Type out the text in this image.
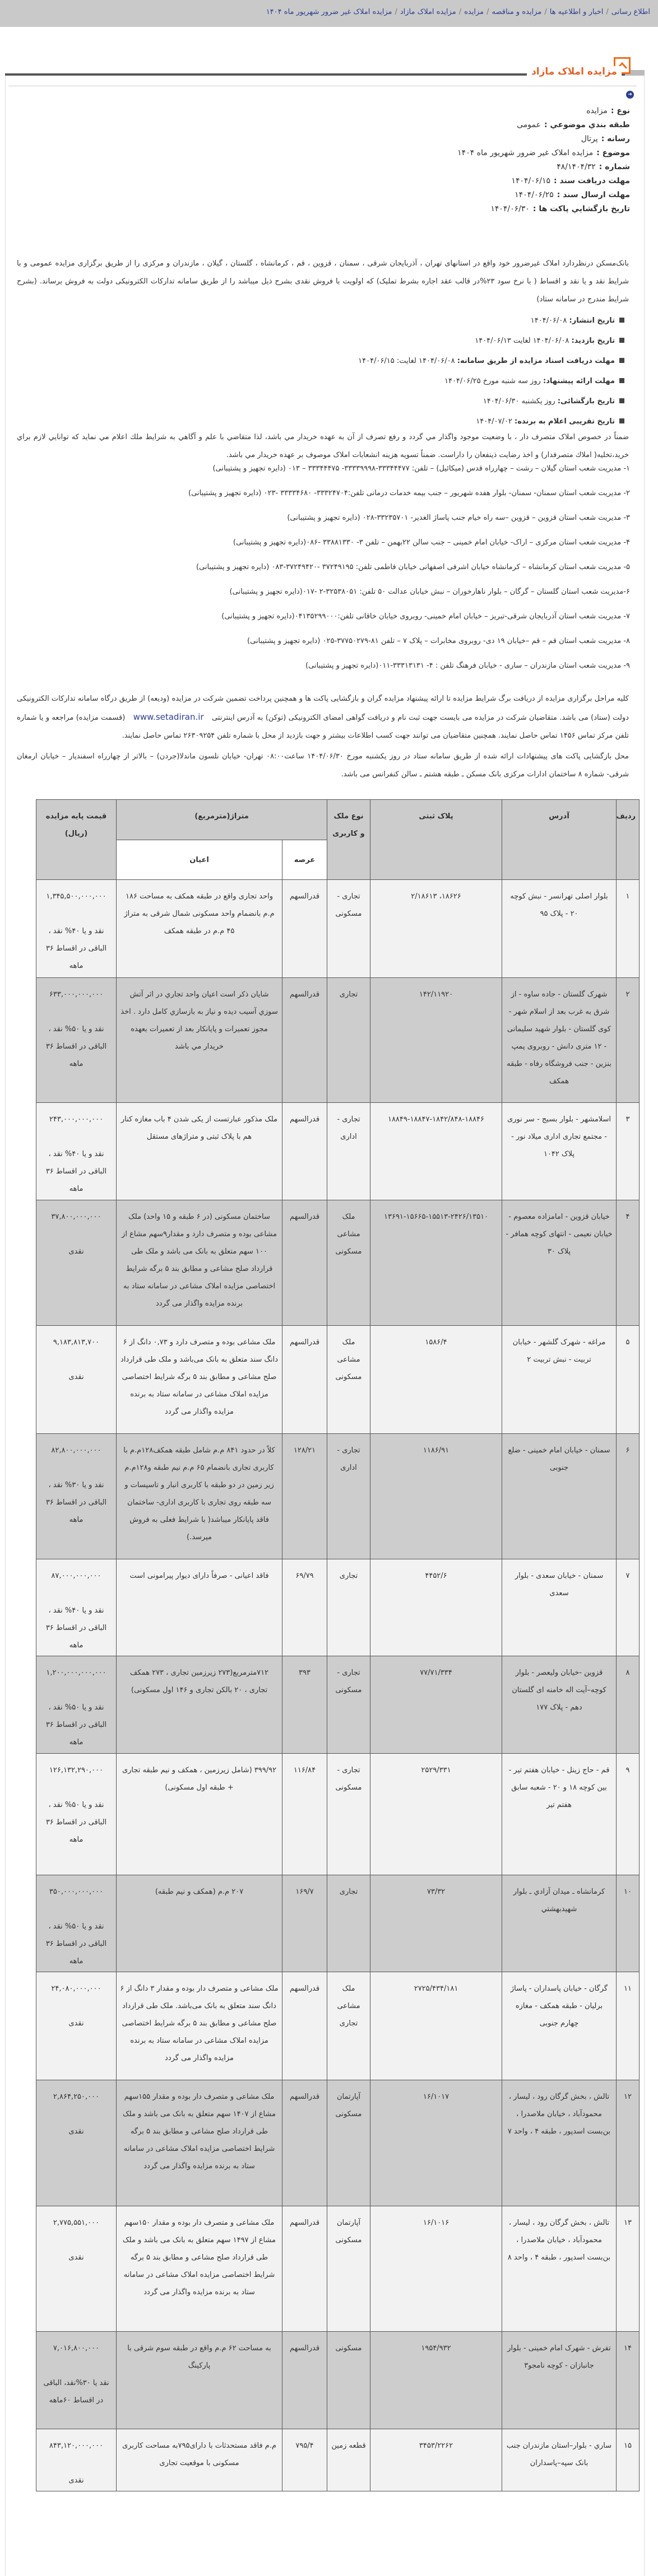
اطلاع رسانی/اخبار و اطلاعیه ها/مزایده و مناقصه/مزایده/مزایده املاک مازاد/مزایده املاک غیر ضرور شهریور ماه ۱۴۰۴
مزایده املاک مازاد
➜
نوع :مزایده
طبقه بندي موضوعي :عمومی
رسانه :پرتال
موضوع :مزایده املاک غیر ضرور شهریور ماه ۱۴۰۴
شماره :۴۸/۱۴۰۴/۳۲
مهلت دریافت سند :۱۴۰۴/۰۶/۱۵
مهلت ارسال سند :۱۴۰۴/۰۶/۲۵
تاریخ بازگشايي پاکت ها :۱۴۰۴/۰۶/۳۰
بانک‌مسکن درنظردارد املاک غیرضرور خود واقع در استانهای تهران ، آذربایجان شرقی ، سمنان ، قزوین ، قم ، کرمانشاه ، گلستان ، گیلان ، مازندران و مرکزی را از طریق برگزاری مزایده عمومی و با شرایط نقد و یا نقد و اقساط ( با نرخ سود ۲۳%در قالب عقد اجاره بشرط تملیک) که اولویت با فروش نقدی بشرح ذیل میباشد را از طریق سامانه تدارکات الکترونیکی دولت به فروش برساند. (بشرح شرایط مندرج در سامانه ستاد)
تاریخ انتشار: ۱۴۰۴/۰۶/۰۸
تاریخ بازدید: ۱۴۰۴/۰۶/۰۸ لغایت ۱۴۰۴/۰۶/۱۳
مهلت دریافت اسناد مزایده از طریق سامانه: ۱۴۰۴/۰۶/۰۸ لغایت: ۱۴۰۴/۰۶/۱۵
مهلت ارائه پیشنهاد: روز سه شنبه مورخ ۱۴۰۴/۰۶/۲۵
تاریخ بازگشائی: روز یکشنبه ۱۴۰۴/۰۶/۳۰
تاریخ تقریبی اعلام به برنده: ۱۴۰۴/۰۷/۰۲
ضمناً در خصوص املاک متصرف دار ، با وضعیت موجود واگذار مي گردد و رفع تصرف از آن به عهده خریدار مي باشد، لذا متقاضي با علم و آگاهي به شرايط ملك اعلام مي نمايد كه توانايي لازم براي خريد،تخليه( املاك متصرفدار) و اخذ رضايت ذينفعان را داراست. ضمناً تسويه هزينه انشعابات املاک موصوف بر عهده خريدار مي باشد.
۱- مدیریت شعب استان گیلان – رشت – چهارراه قدس (میکائیل) – تلفن: ۳۳۳۴۴۴۷۷-۳۳۳۳۹۹۹۸- ۳۳۳۴۴۴۷۵ – ۰۱۳ (دایره تجهیز و پشتیبانی)
۲- مدیریت شعب استان سمنان- سمنان- بلوار هفده شهریور – جنب بیمه خدمات درمانی تلفن:۳۳۳۲۴۷۰۴- ۳۳۳۳۴۶۸۰ -۰۲۳ (دایره تجهیز و پشتیبانی)
۳- مدیریت شعب استان قزوین – قزوین –سه راه خیام جنب پاساژ الغدیر- ۳۳۲۳۵۷۰۱-۰۲۸ (دایره تجهیز و پشتیبانی)
۴- مدیریت شعب استان مرکزی – اراک- خیابان امام خمینی – جنب سالن ۲۲بهمن – تلفن ۳- ۳۳۸۸۱۳۳۰ -۰۸۶(دایره تجهیز و پشتیبانی)
۵- مدیریت شعب استان کرمانشاه – کرمانشاه خیابان اشرفی اصفهانی خیابان فاطمی تلفن: ۳۷۲۴۹۱۹۵ -۳۷۲۴۹۴۲۰-۰۸۳ (دایره تجهیز و پشتیبانی)
۶-مدیریت شعب استان گلستان – گرگان – بلوار ناهارخوران – نبش خیابان عدالت ۵۰ تلفن: ۳۲۵۳۸۰۵۱-۲ -۰۱۷(دایره تجهیز و پشتیبانی)
۷- مدیریت شعب استان آذربایجان شرقی-تبریز – خیابان امام خمینی- روبروی خیابان خاقانی تلفن:۰۴۱۳۵۲۹۹۰۰۰(دایره تجهیز و پشتیبانی)
۸- مدیریت شعب استان قم – قم –خیابان ۱۹ دی- روبروی مخابرات – پلاک ۷ – تلفن ۸۱-۳۷۷۵۰۲۷۹-۰۲۵ (دایره تجهیز و پشتیبانی)
۹- مدیریت شعب استان مازندران – ساری - خیابان فرهنگ تلفن : ۴- ۳۳۳۱۳۱۳۱-۰۱۱(دایره تجهیز و پشتیبانی)
کلیه مراحل برگزاری مزایده از دریافت برگ شرایط مزایده تا ارائه پیشنهاد مزایده گران و بازگشایی پاکت ها و همچنین پرداخت تضمین شرکت در مزایده (ودیعه) از طریق درگاه سامانه تدارکات الکترونیکی دولت (ستاد) می باشد. متقاضیان شرکت در مزایده می بایست جهت ثبت نام و دریافت گواهی امضای الکترونیکی (توکن) به آدرس اینترنتی www.setadiran.ir (قسمت مزایده) مراجعه و یا شماره تلفن مرکز تماس ۱۴۵۶ تماس حاصل نمایند. همچنین متقاضیان می توانند جهت کسب اطلاعات بیشتر و جهت بازدید از محل با شماره تلفن ۲۶۳۰۹۲۵۴ تماس حاصل نمایند.
محل بازگشایی پاکت های پیشنهادات ارائه شده از طریق سامانه ستاد در روز یکشنبه مورخ ۱۴۰۴/۰۶/۳۰ ساعت۰۸:۰۰ تهران- خیابان نلسون ماندلا(جردن) – بالاتر از چهارراه اسفندیار – خیابان ارمغان شرقی- شماره ۸ ساختمان ادارات مرکزی بانک مسکن ـ طبقه هشتم ـ سالن کنفرانس می باشد.
ردیف	آدرس	پلاک ثبتی	نوع ملک و کاربری	متراژ(مترمربع)		قیمت پایه مزایده (ریال)
				عرصه	اعیان	
۱	بلوار اصلی تهرانسر - نبش کوچه ۲۰ - پلاک ۹۵	۱۸۶۲۶، ۲/۱۸۶۱۳	تجاری - مسکونی	قدرالسهم	واحد تجاری واقع در طبقه همکف به مساحت ۱۸۶ م.م بانضمام واحد مسکونی شمال شرقی به متراژ ۴۵ م.م در طبقه همکف	۱,۳۴۵,۵۰۰,۰۰۰,۰۰۰
نقد و یا ۴۰% نقد ، الباقی در اقساط ۳۶ ماهه

۲	شهرک گلستان - جاده ساوه - از شرق به غرب بعد از اسلام شهر - کوی گلستان - بلوار شهید سلیمانی - ۱۲ متری دانش - روبروی پمپ بنزین - جنب فروشگاه رفاه - طبقه همکف	۱۴۲/۱۱۹۲۰	تجاری	قدرالسهم	شايان ذكر است اعيان واحد تجاري در اثر آتش سوزي آسيب ديده و نياز به بازسازي كامل دارد . اخذ مجوز تعميرات و پايانكار بعد از تعميرات بعهده خريدار مي باشد	۶۳۳,۰۰۰,۰۰۰,۰۰۰
نقد و یا ۵۰% نقد ، الباقی در اقساط ۳۶ ماهه

۳	اسلامشهر - بلوار بسیج - سر نوری - مجتمع تجاری اداری میلاد نور - پلاک ۱۰۴۲	۱۸۸۴۹-۱۸۸۴۷-۱۸۴۲/۸۴۸-۱۸۸۴۶	تجاری - اداری	قدرالسهم	ملک مذکور عبارتست از یکی شدن ۴ باب مغازه کنار هم با پلاک ثبتی و متراژهای مستقل	۲۴۳,۰۰۰,۰۰۰,۰۰۰
نقد و یا ۴۰% نقد ، الباقی در اقساط ۳۶ ماهه

۴	خیابان قزوین - امامزاده معصوم - خیابان نعیمی - انتهای کوچه همافر - پلاک ۳۰	۱۳۶۹۱-۱۵۶۶۵-۱۵۵۱۳-۲۴۲۶/۱۳۵۱۰	ملک مشاعی مسکونی	قدرالسهم	ساختمان مسکونی (در ۶ طبقه و ۱۵ واحد) ملک مشاعی بوده و متصرف دارد و مقدار۹سهم مشاع از ۱۰۰ سهم متعلق به بانک می باشد و ملک طی قرارداد صلح مشاعی و مطابق بند ۵ برگه شرایط اختصاصی مزایده املاک مشاعی در سامانه ستاد به برنده مزایده واگذار می گردد	۳۷,۸۰۰,۰۰۰,۰۰۰
نقدی

۵	مراغه - شهرک گلشهر - خیابان تربیت - نبش تربیت ۲	۱۵۸۶/۴	ملک مشاعی مسکونی	قدرالسهم	ملک مشاعی بوده و متصرف دارد و ۰,۷۳ دانگ از ۶ دانگ سند متعلق به بانک می‌باشد و ملک طی قرارداد صلح مشاعی و مطابق بند ۵ برگه شرایط اختصاصی مزایده املاک مشاعی در سامانه ستاد به برنده مزایده واگذار می گردد	۹,۱۸۳,۸۱۳,۷۰۰
نقدی

۶	سمنان - خیابان امام خمینی - ضلع جنوبی	۱۱۸۶/۹۱	تجاری - اداری	۱۲۸/۲۱	کلاً در حدود ۸۴۱ م.م شامل طبقه همکف۱۲۸م.م با کاربری تجاری بانضمام ۶۵ م.م نیم طبقه و۱۲۸م.م زیر زمین در دو طبقه با کاربری انبار و تاسیسات و سه طبقه روی تجاری با کاربری اداری- ساختمان فاقد پایانکار میباشد( با شرایط فعلی به فروش میرسد.)	۸۲,۸۰۰,۰۰۰,۰۰۰
نقد و یا ۳۰% نقد ، الباقی در اقساط ۳۶ ماهه

۷	سمنان - خیابان سعدی - بلوار سعدی	۴۴۵۲/۶	تجاری	۶۹/۷۹	فاقد اعیانی - صرفاً دارای دیوار پیرامونی است	۸۷,۰۰۰,۰۰۰,۰۰۰
نقد و یا ۴۰% نقد ، الباقی در اقساط ۳۶ ماهه

۸	قزوین -خیابان ولیعصر - بلوار کوچه–آیت اله خامنه ای گلستان دهم - پلاک ۱۷۷	۷۷/۷۱/۳۳۴	تجاری - مسکونی	۳۹۳	۷۱۲مترمربع(۲۷۳ زیرزمین تجاری ، ۲۷۳ همکف تجاری ، ۲۰ بالکن تجاری و ۱۴۶ اول مسکونی)	۱,۲۰۰,۰۰۰,۰۰۰,۰۰۰
نقد و یا ۵۰% نقد ، الباقی در اقساط ۳۶ ماهه

۹	قم - حاج زینل - خیابان هفتم تیر - بین کوچه ۱۸ و ۲۰ - شعبه سابق هفتم تیر	۲۵۲۹/۳۳۱	تجاری - مسکونی	۱۱۶/۸۴	۳۹۹/۹۲ (شامل زیرزمین ، همکف و نیم طبقه تجاری + طبقه اول مسکونی)	۱۲۶,۱۳۲,۲۹۰,۰۰۰
نقد و یا ۵۰% نقد ، الباقی در اقساط ۳۶ ماهه

۱۰	کرمانشاه ـ میدان آزادي ـ بلوار شهیدبهشتي	۷۳/۳۲	تجاری	۱۶۹/۷	۲۰۷ م.م (همکف و نیم طبقه)	۳۵۰,۰۰۰,۰۰۰,۰۰۰
نقد و یا ۵۰% نقد ، الباقی در اقساط ۳۶ ماهه

۱۱	گرگان - خیابان پاسداران - پاساژ برلیان - طبقه همکف - مغازه چهارم جنوبی	۲۷۲۵/۴۳۴/۱۸۱	ملک مشاعی تجاری	قدرالسهم	ملک مشاعی و متصرف دار بوده و مقدار ۳ دانگ از ۶ دانگ سند متعلق به بانک می‌باشد. ملک طی قرارداد صلح مشاعی و مطابق بند ۵ برگه شرایط اختصاصی مزایده املاک مشاعی در سامانه ستاد به برنده مزایده واگذار می گردد	۲۴,۰۸۰,۰۰۰,۰۰۰
نقدی

۱۲	تالش ، بخش گرگان رود ، لیسار ، محمودآباد ، خیابان ملاصدرا ، بن‌بست اسدپور ، طبقه ۴ ، واحد ۷	۱۶/۱۰۱۷	آپارتمان مسکونی	قدرالسهم	ملک مشاعی و متصرف دار بوده و مقدار ۱۵۵سهم مشاع از ۱۴۰۷ سهم متعلق به بانک می باشد و ملک طی قرارداد صلح مشاعی و مطابق بند ۵ برگه شرایط اختصاصی مزایده املاک مشاعی در سامانه ستاد به برنده مزایده واگذار می گردد	۲,۸۶۴,۲۵۰,۰۰۰
نقدی

۱۳	تالش ، بخش گرگان رود ، لیسار ، محمودآباد ، خیابان ملاصدرا ، بن‌بست اسدپور ، طبقه ۴ ، واحد ۸	۱۶/۱۰۱۶	آپارتمان مسکونی	قدرالسهم	ملک مشاعی و متصرف دار بوده و مقدار ۱۵۰سهم مشاع از ۱۴۹۷ سهم متعلق به بانک می باشد و ملک طی قرارداد صلح مشاعی و مطابق بند ۵ برگه شرایط اختصاصی مزایده املاک مشاعی در سامانه ستاد به برنده مزایده واگذار می گردد	۲,۷۷۵,۵۵۱,۰۰۰
نقدی

۱۴	تفرش - شهرک امام خمینی - بلوار جانبازان - کوچه نامجو۳	۱۹۵۴/۹۳۲	مسکونی	قدرالسهم	به مساحت ۶۲ م.م واقع در طبقه سوم شرقی با پارکینگ	۷,۰۱۶,۸۰۰,۰۰۰
نقد یا ۳۰%نقد، الباقی در اقساط ۶۰ماهه

۱۵	ساري - بلوار–استان مازندران جنب بانک سپه–پاسداران	۳۴۵۳/۲۲۶۲	قطعه زمین	۷۹۵/۴	م.م فاقد مستحدثات با دارای۷۹۵به مساحت کاربری مسکونی با موقعیت تجاری	۸۴۳,۱۲۰,۰۰۰,۰۰۰
نقدی
